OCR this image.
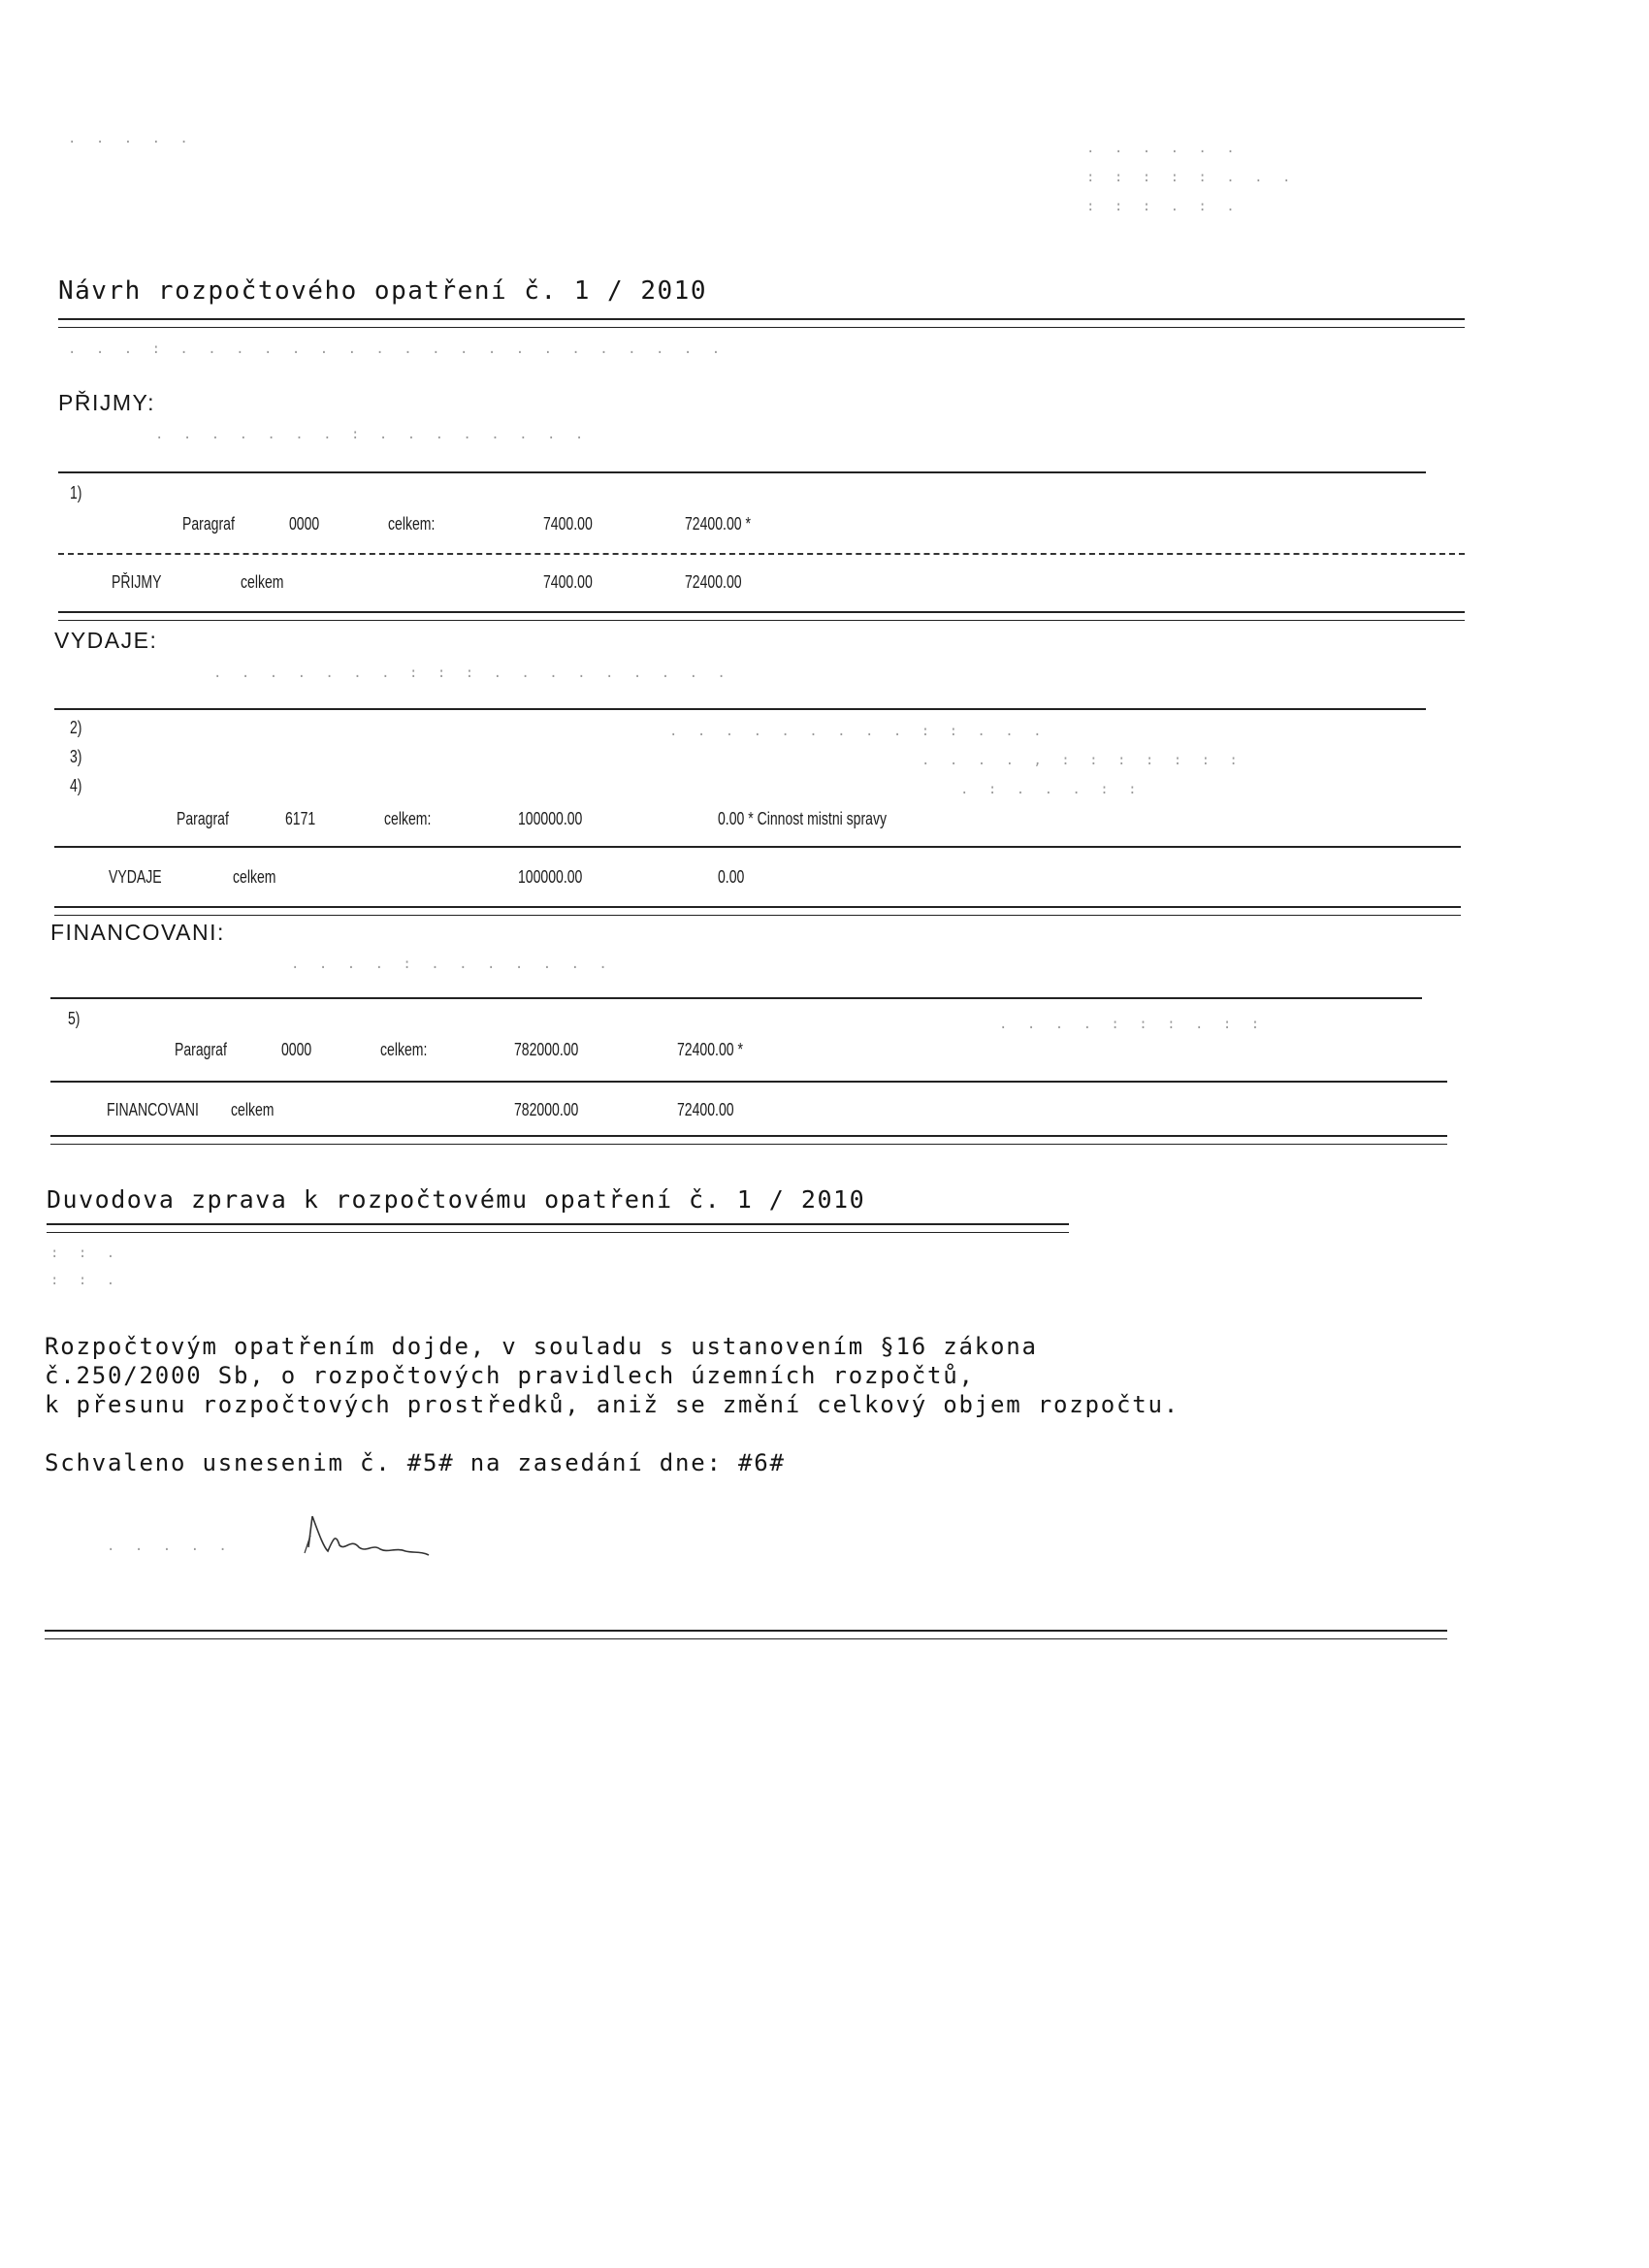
. . . . .
. . . . . .
: : : : : . . .
: : : . : .
Návrh rozpočtového opatření č. 1 / 2010
. . . : . . . . . . . . . . . . . . . . . . . .
PŘIJMY:
. . . . . . . : . . . . . . . .
1)
Paragraf	0000	celkem:	7400.00	72400.00 *
PŘIJMY	celkem	7400.00	72400.00
VYDAJE:
. . . . . . . : : : . . . . . . . . .
2)
3)
4)
. . . . . . . . . : : . . .
. . . . , : : : : : : :
. : . . . : :
Paragraf	6171	celkem:	100000.00	0.00 * Cinnost mistni spravy
VYDAJE	celkem	100000.00	0.00
FINANCOVANI:
. . . . : . . . . . . .
5)	. . . . : : : . : :
Paragraf	0000	celkem:	782000.00	72400.00 *
FINANCOVANI celkem	782000.00	72400.00
Duvodova zprava k rozpočtovému opatření č. 1 / 2010
: : .
: : .
Rozpočtovým opatřením dojde, v souladu s ustanovením §16 zákona
č.250/2000 Sb, o rozpočtových pravidlech územních rozpočtů,
k přesunu rozpočtových prostředků, aniž se změní celkový objem rozpočtu.
Schvaleno usnesenim č. #5# na zasedání dne: #6#
. . . . .
